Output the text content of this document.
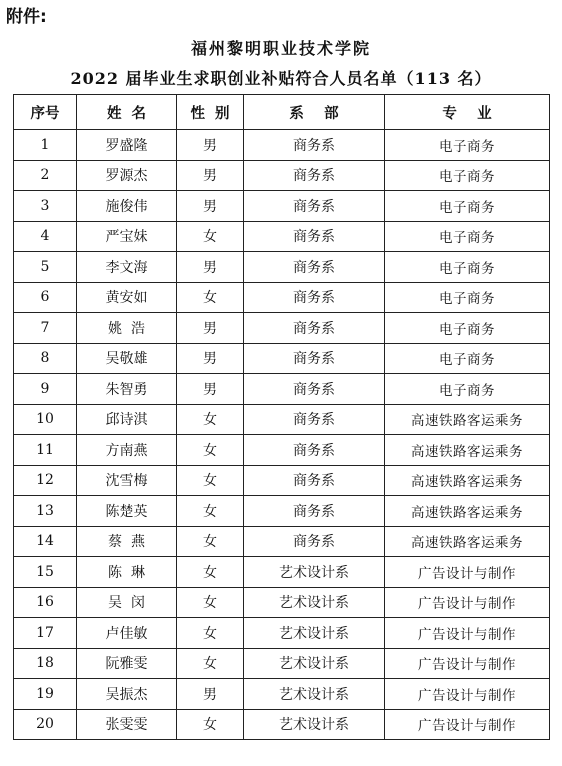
附件:
福州黎明职业技术学院
2022 届毕业生求职创业补贴符合人员名单（113 名）
序号	姓  名	性  别	系    部	专    业
1	罗盛隆	男	商务系	电子商务
2	罗源杰	男	商务系	电子商务
3	施俊伟	男	商务系	电子商务
4	严宝妹	女	商务系	电子商务
5	李文海	男	商务系	电子商务
6	黄安如	女	商务系	电子商务
7	姚  浩	男	商务系	电子商务
8	吴敬雄	男	商务系	电子商务
9	朱智勇	男	商务系	电子商务
10	邱诗淇	女	商务系	高速铁路客运乘务
11	方南燕	女	商务系	高速铁路客运乘务
12	沈雪梅	女	商务系	高速铁路客运乘务
13	陈楚英	女	商务系	高速铁路客运乘务
14	蔡  燕	女	商务系	高速铁路客运乘务
15	陈  琳	女	艺术设计系	广告设计与制作
16	吴  闵	女	艺术设计系	广告设计与制作
17	卢佳敏	女	艺术设计系	广告设计与制作
18	阮雅雯	女	艺术设计系	广告设计与制作
19	吴振杰	男	艺术设计系	广告设计与制作
20	张雯雯	女	艺术设计系	广告设计与制作
